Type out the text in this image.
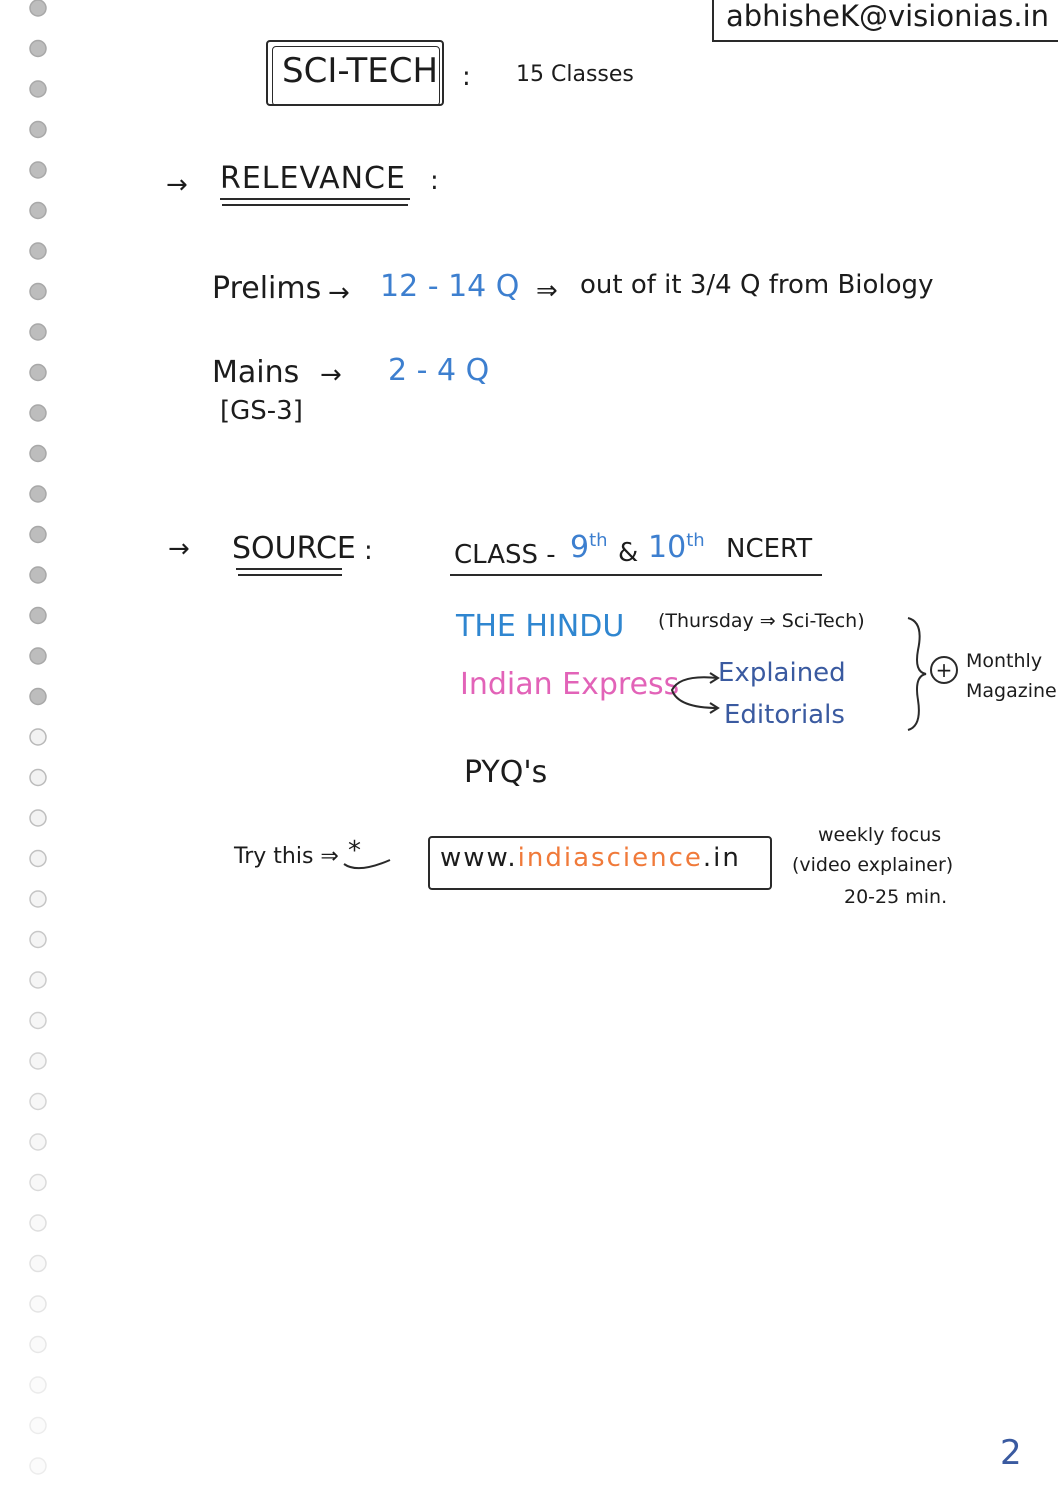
abhisheK@visionias.in
SCI-TECH : 15 Classes
→ RELEVANCE :
Prelims → 12 - 14 Q ⇒ out of it 3/4 Q from Biology
Mains → 2 - 4 Q
[GS-3]
→ SOURCE :	CLASS - 9th & 10th NCERT
THE HINDU (Thursday ⇒ Sci-Tech)
Indian Express Explained
Editorials
+ Monthly
Magazine
PYQ's
Try this ⇒ *	www.indiascience.in
weekly focus
(video explainer)
20-25 min.
2
